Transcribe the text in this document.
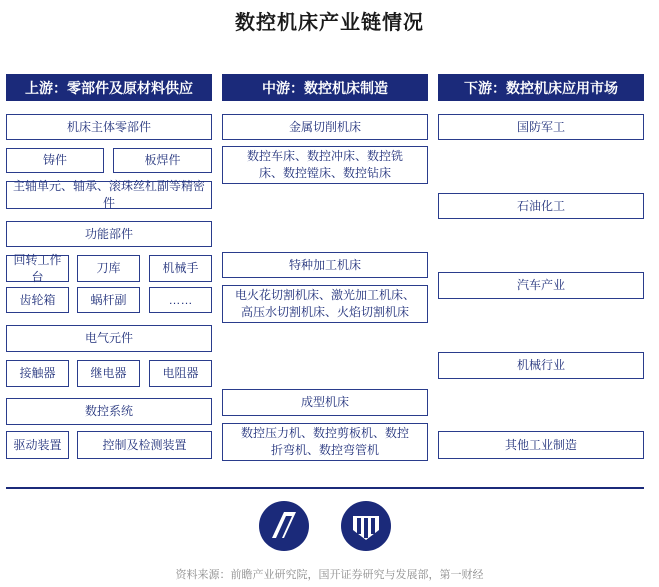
数控机床产业链情况
上游：零部件及原材料供应	中游：数控机床制造	下游：数控机床应用市场
机床主体零部件
铸件	板焊件
主轴单元、轴承、滚珠丝杠副等精密件
功能部件
回转工作台
刀库	机械手
齿轮箱	蜗杆副	……
电气元件
接触器	继电器	电阻器
数控系统
驱动装置	控制及检测装置
金属切削机床
数控车床、数控冲床、数控铣床、数控镗床、数控钻床
特种加工机床
电火花切割机床、激光加工机床、高压水切割机床、火焰切割机床
成型机床
数控压力机、数控剪板机、数控折弯机、数控弯管机
国防军工
石油化工
汽车产业
机械行业
其他工业制造
资料来源：前瞻产业研究院，国开证券研究与发展部，第一财经
